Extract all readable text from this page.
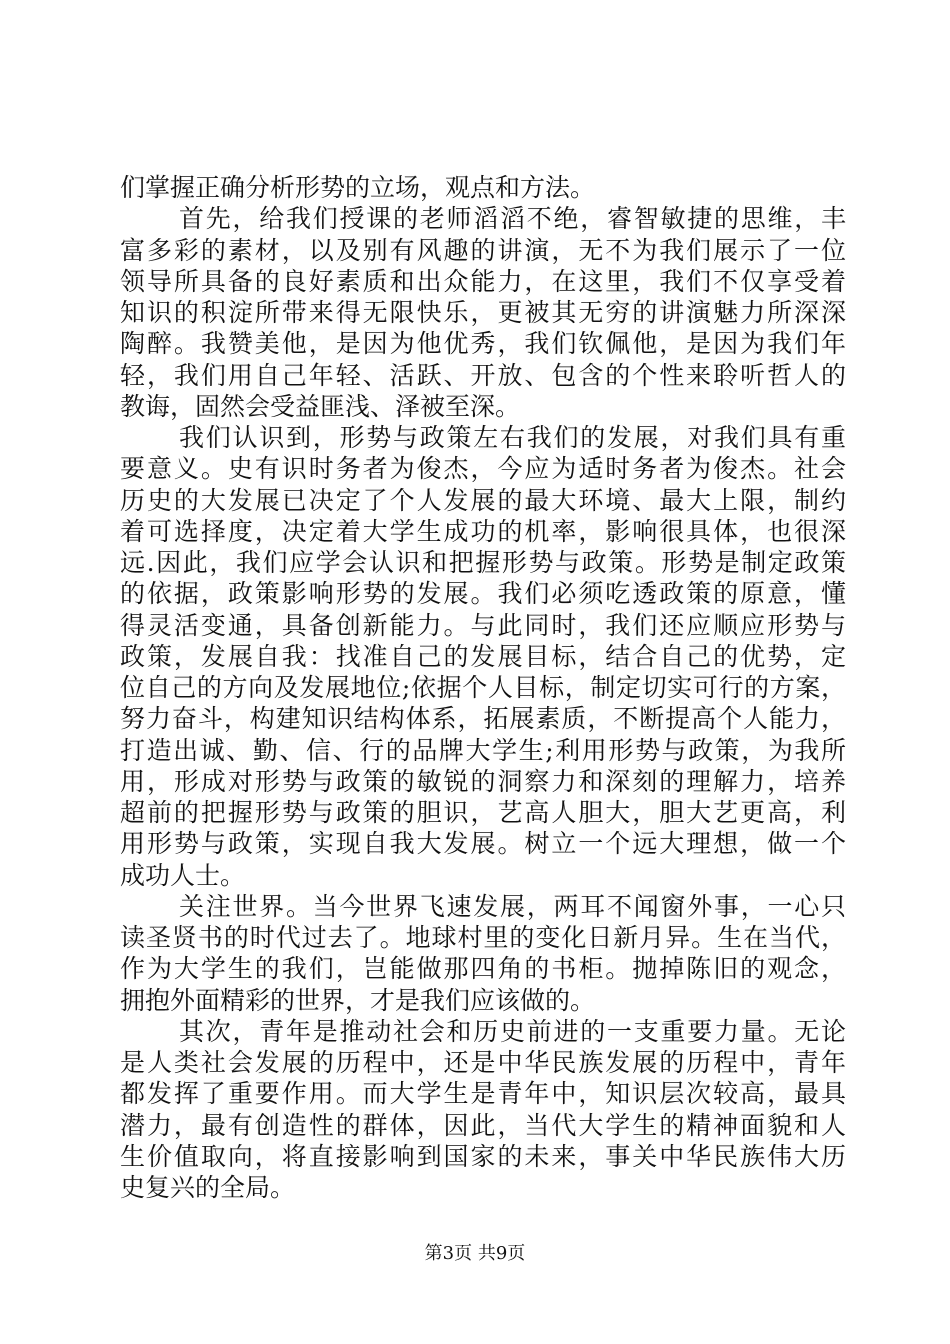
们掌握正确分析形势的立场，观点和方法。
首先，给我们授课的老师滔滔不绝，睿智敏捷的思维，丰
富多彩的素材，以及别有风趣的讲演，无不为我们展示了一位
领导所具备的良好素质和出众能力，在这里，我们不仅享受着
知识的积淀所带来得无限快乐，更被其无穷的讲演魅力所深深
陶醉。我赞美他，是因为他优秀，我们钦佩他，是因为我们年
轻，我们用自己年轻、活跃、开放、包含的个性来聆听哲人的
教诲，固然会受益匪浅、泽被至深。
我们认识到，形势与政策左右我们的发展，对我们具有重
要意义。史有识时务者为俊杰，今应为适时务者为俊杰。社会
历史的大发展已决定了个人发展的最大环境、最大上限，制约
着可选择度，决定着大学生成功的机率，影响很具体，也很深
远.因此，我们应学会认识和把握形势与政策。形势是制定政策
的依据，政策影响形势的发展。我们必须吃透政策的原意，懂
得灵活变通，具备创新能力。与此同时，我们还应顺应形势与
政策，发展自我：找准自己的发展目标，结合自己的优势，定
位自己的方向及发展地位;依据个人目标，制定切实可行的方案，
努力奋斗，构建知识结构体系，拓展素质，不断提高个人能力，
打造出诚、勤、信、行的品牌大学生;利用形势与政策，为我所
用，形成对形势与政策的敏锐的洞察力和深刻的理解力，培养
超前的把握形势与政策的胆识，艺高人胆大，胆大艺更高，利
用形势与政策，实现自我大发展。树立一个远大理想，做一个
成功人士。
关注世界。当今世界飞速发展，两耳不闻窗外事，一心只
读圣贤书的时代过去了。地球村里的变化日新月异。生在当代，
作为大学生的我们，岂能做那四角的书柜。抛掉陈旧的观念，
拥抱外面精彩的世界，才是我们应该做的。
其次，青年是推动社会和历史前进的一支重要力量。无论
是人类社会发展的历程中，还是中华民族发展的历程中，青年
都发挥了重要作用。而大学生是青年中，知识层次较高，最具
潜力，最有创造性的群体，因此，当代大学生的精神面貌和人
生价值取向，将直接影响到国家的未来，事关中华民族伟大历
史复兴的全局。
第3页 共9页
